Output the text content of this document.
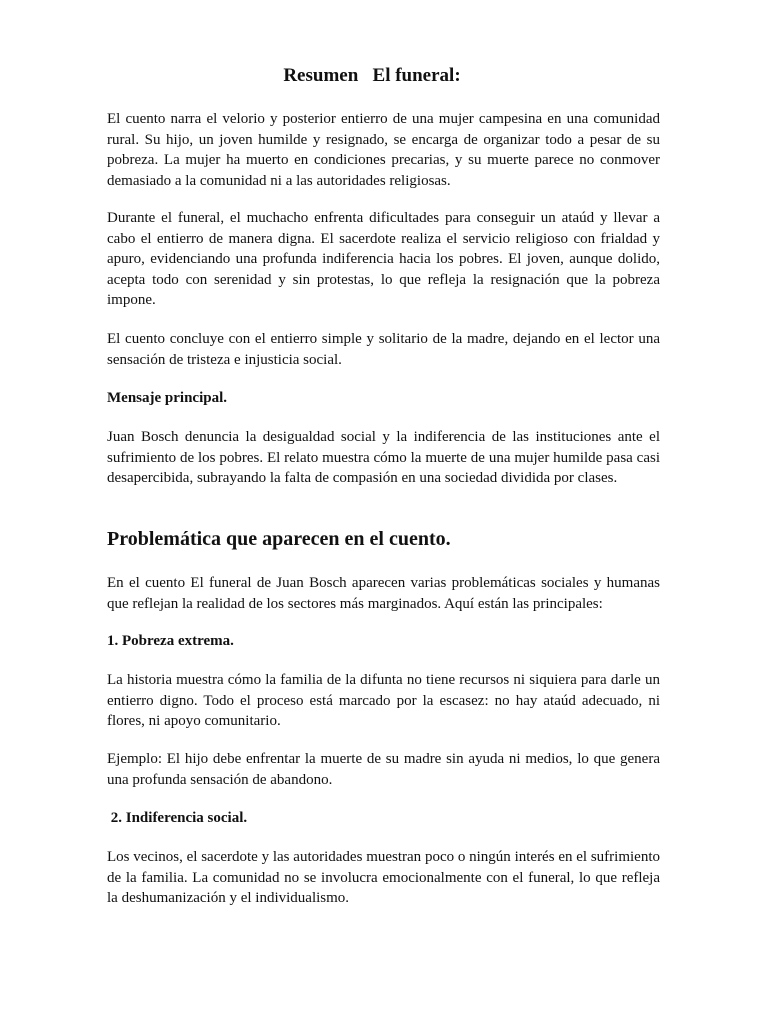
Resumen   El funeral:

El cuento narra el velorio y posterior entierro de una mujer campesina en una comunidad rural. Su hijo, un joven humilde y resignado, se encarga de organizar todo a pesar de su pobreza. La mujer ha muerto en condiciones precarias, y su muerte parece no conmover demasiado a la comunidad ni a las autoridades religiosas.

Durante el funeral, el muchacho enfrenta dificultades para conseguir un ataúd y llevar a cabo el entierro de manera digna. El sacerdote realiza el servicio religioso con frialdad y apuro, evidenciando una profunda indiferencia hacia los pobres. El joven, aunque dolido, acepta todo con serenidad y sin protestas, lo que refleja la resignación que la pobreza impone.

El cuento concluye con el entierro simple y solitario de la madre, dejando en el lector una sensación de tristeza e injusticia social.

Mensaje principal.

Juan Bosch denuncia la desigualdad social y la indiferencia de las instituciones ante el sufrimiento de los pobres. El relato muestra cómo la muerte de una mujer humilde pasa casi desapercibida, subrayando la falta de compasión en una sociedad dividida por clases.

Problemática que aparecen en el cuento.

En el cuento El funeral de Juan Bosch aparecen varias problemáticas sociales y humanas que reflejan la realidad de los sectores más marginados. Aquí están las principales:

1. Pobreza extrema.

La historia muestra cómo la familia de la difunta no tiene recursos ni siquiera para darle un entierro digno. Todo el proceso está marcado por la escasez: no hay ataúd adecuado, ni flores, ni apoyo comunitario.

Ejemplo: El hijo debe enfrentar la muerte de su madre sin ayuda ni medios, lo que genera una profunda sensación de abandono.

2. Indiferencia social.

Los vecinos, el sacerdote y las autoridades muestran poco o ningún interés en el sufrimiento de la familia. La comunidad no se involucra emocionalmente con el funeral, lo que refleja la deshumanización y el individualismo.
